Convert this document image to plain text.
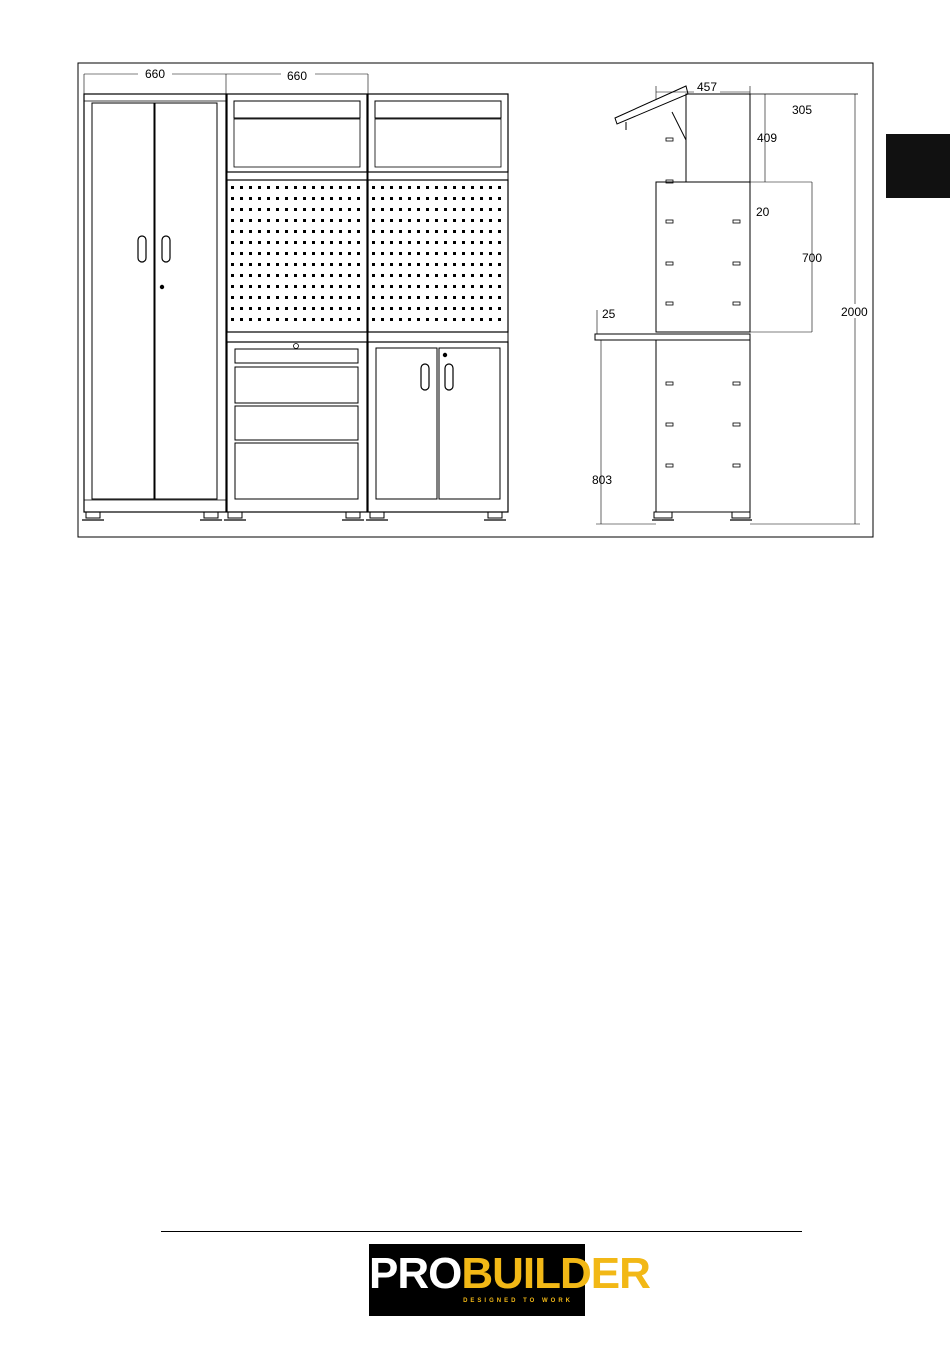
660	660
457
305
409
20
700
25
803
2000
PROBUILDER
DESIGNED TO WORK
